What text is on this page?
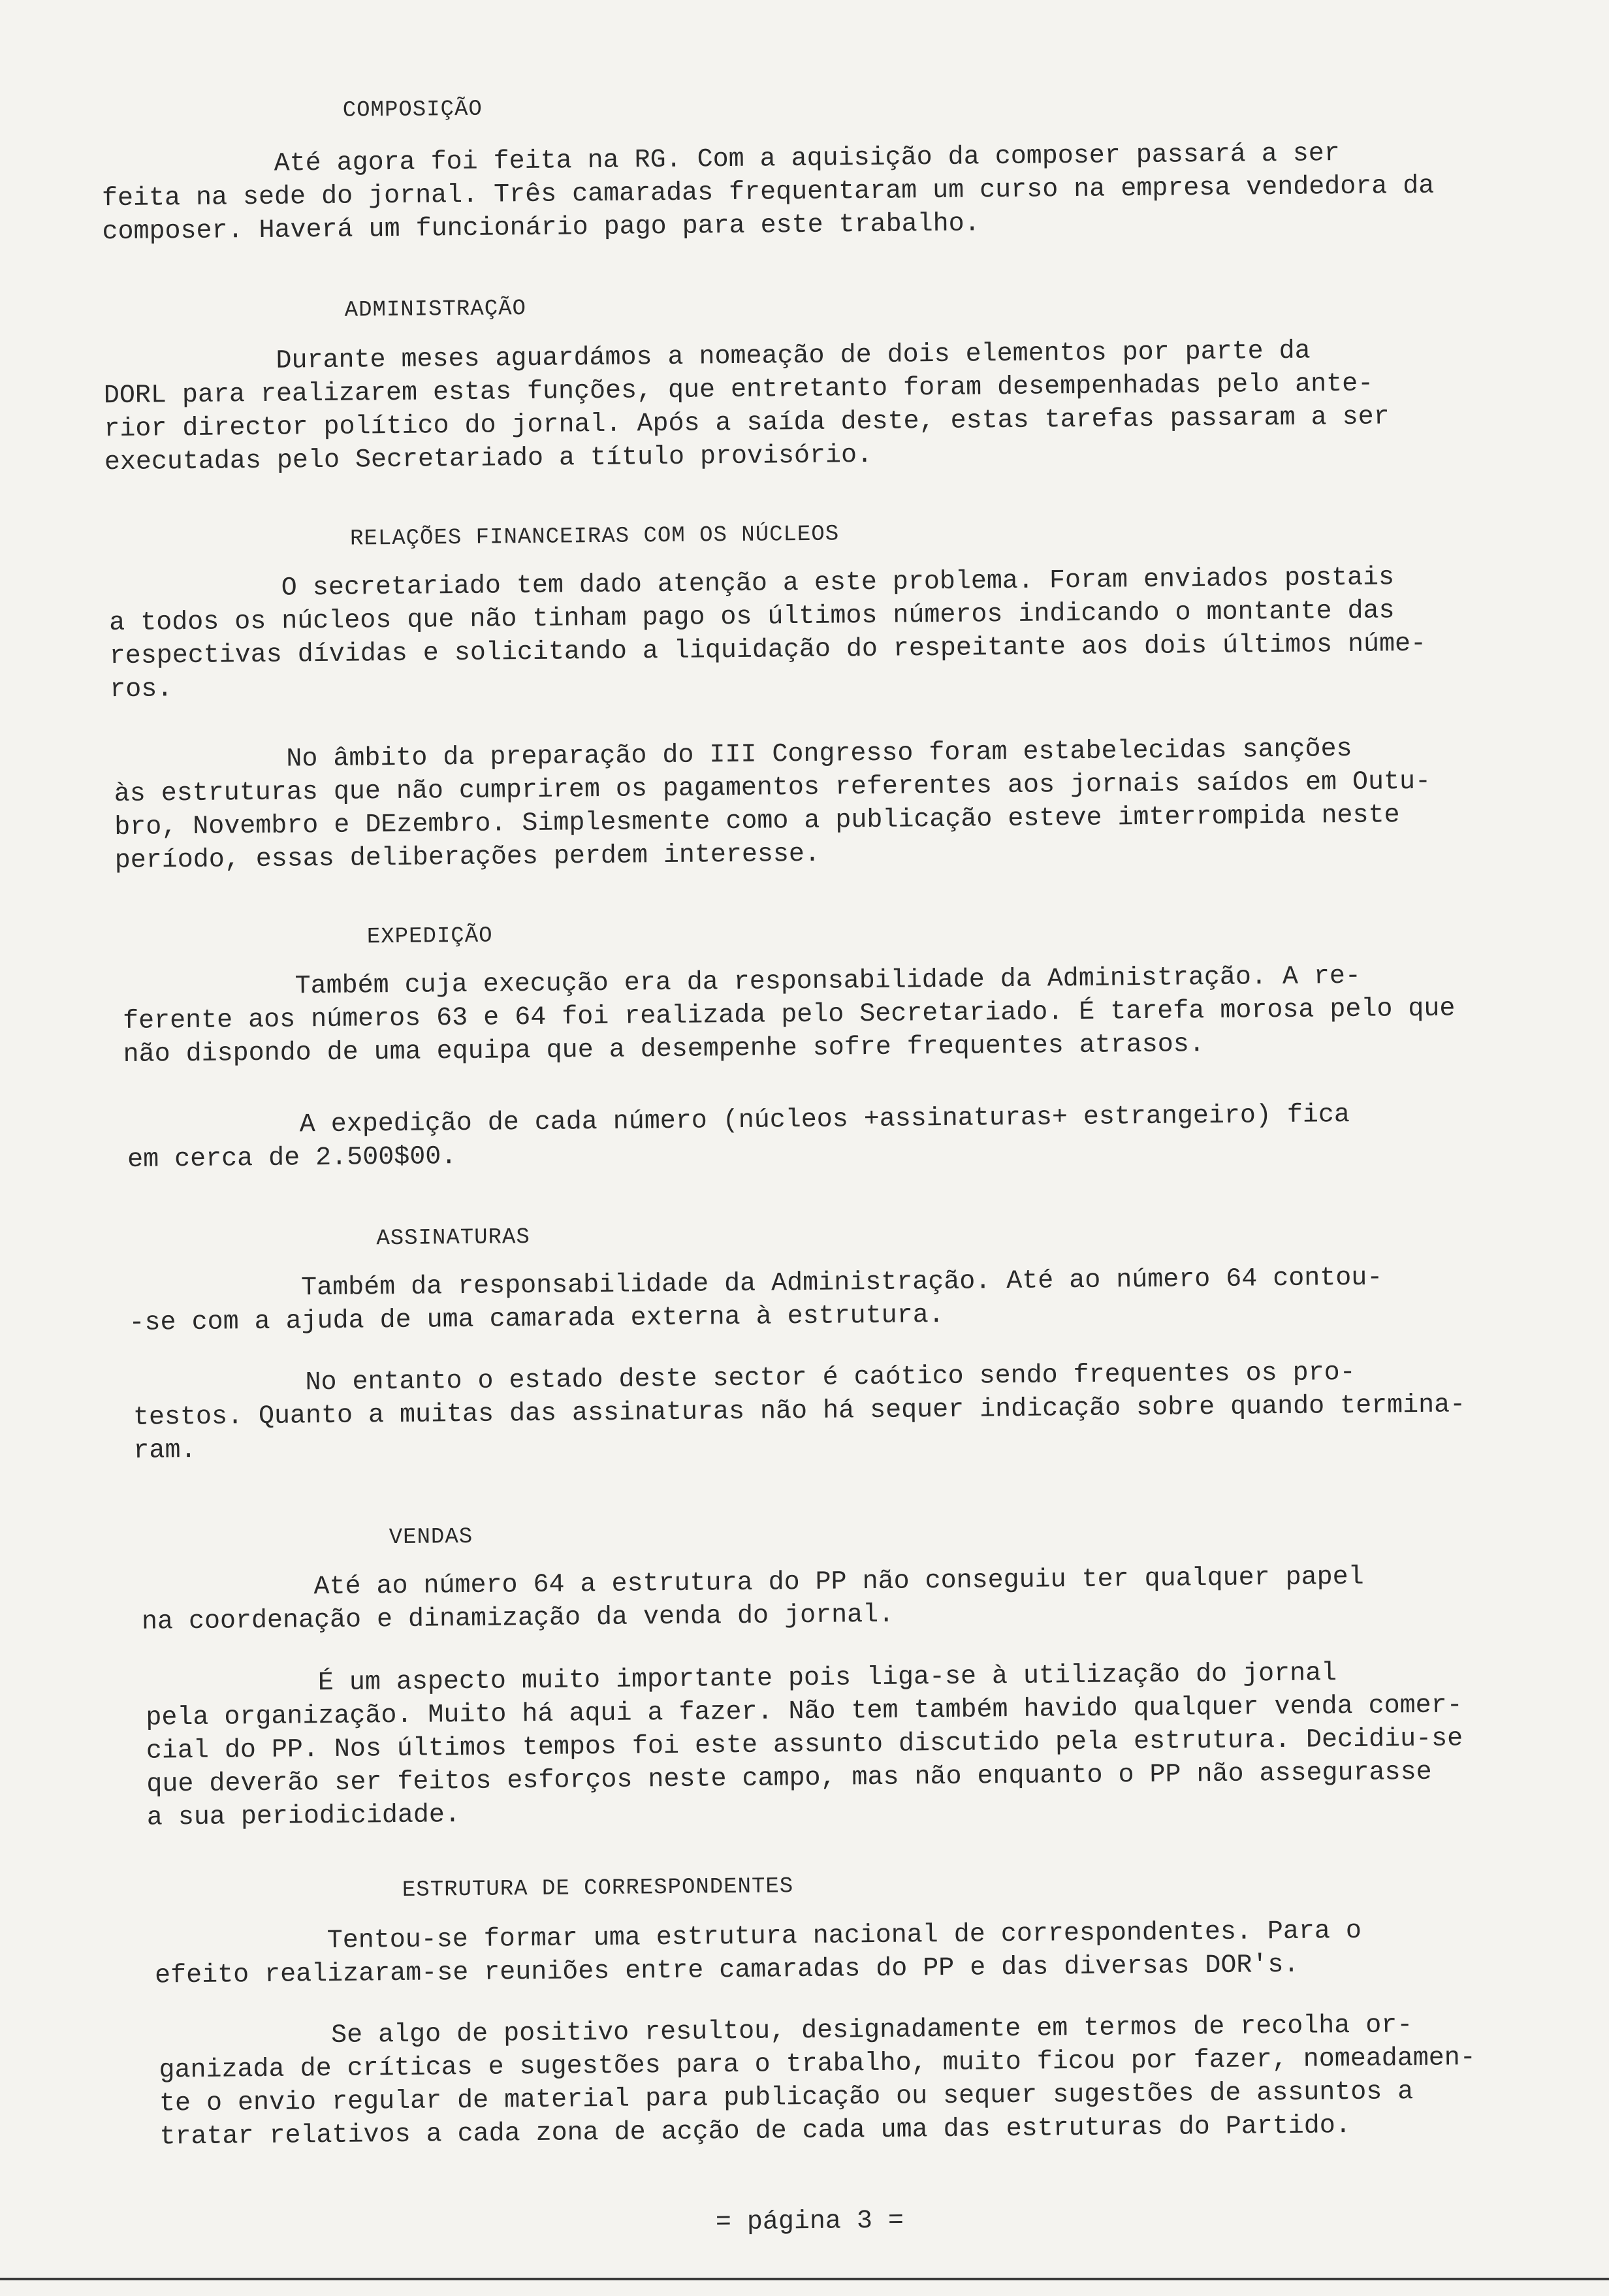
COMPOSIÇÃO

Até agora foi feita na RG. Com a aquisição da composer passará a ser
feita na sede do jornal. Três camaradas frequentaram um curso na empresa vendedora da
composer. Haverá um funcionário pago para este trabalho.

ADMINISTRAÇÃO

Durante meses aguardámos a nomeação de dois elementos por parte da
DORL para realizarem estas funções, que entretanto foram desempenhadas pelo ante-
rior director político do jornal. Após a saída deste, estas tarefas passaram a ser
executadas pelo Secretariado a título provisório.

RELAÇÕES FINANCEIRAS COM OS NÚCLEOS

O secretariado tem dado atenção a este problema. Foram enviados postais
a todos os núcleos que não tinham pago os últimos números indicando o montante das
respectivas dívidas e solicitando a liquidação do respeitante aos dois últimos núme-
ros.

No âmbito da preparação do III Congresso foram estabelecidas sanções
às estruturas que não cumprirem os pagamentos referentes aos jornais saídos em Outu-
bro, Novembro e DEzembro. Simplesmente como a publicação esteve imterrompida neste
período, essas deliberações perdem interesse.

EXPEDIÇÃO

Também cuja execução era da responsabilidade da Administração. A re-
ferente aos números 63 e 64 foi realizada pelo Secretariado. É tarefa morosa pelo que
não dispondo de uma equipa que a desempenhe sofre frequentes atrasos.

A expedição de cada número (núcleos +assinaturas+ estrangeiro) fica
em cerca de 2.500$00.

ASSINATURAS

Também da responsabilidade da Administração. Até ao número 64 contou-
-se com a ajuda de uma camarada externa à estrutura.

No entanto o estado deste sector é caótico sendo frequentes os pro-
testos. Quanto a muitas das assinaturas não há sequer indicação sobre quando termina-
ram.

VENDAS

Até ao número 64 a estrutura do PP não conseguiu ter qualquer papel
na coordenação e dinamização da venda do jornal.

É um aspecto muito importante pois liga-se à utilização do jornal
pela organização. Muito há aqui a fazer. Não tem também havido qualquer venda comer-
cial do PP. Nos últimos tempos foi este assunto discutido pela estrutura. Decidiu-se
que deverão ser feitos esforços neste campo, mas não enquanto o PP não assegurasse
a sua periodicidade.

ESTRUTURA DE CORRESPONDENTES

Tentou-se formar uma estrutura nacional de correspondentes. Para o
efeito realizaram-se reuniões entre camaradas do PP e das diversas DOR's.

Se algo de positivo resultou, designadamente em termos de recolha or-
ganizada de críticas e sugestões para o trabalho, muito ficou por fazer, nomeadamen-
te o envio regular de material para publicação ou sequer sugestões de assuntos a
tratar relativos a cada zona de acção de cada uma das estruturas do Partido.

= página 3 =
